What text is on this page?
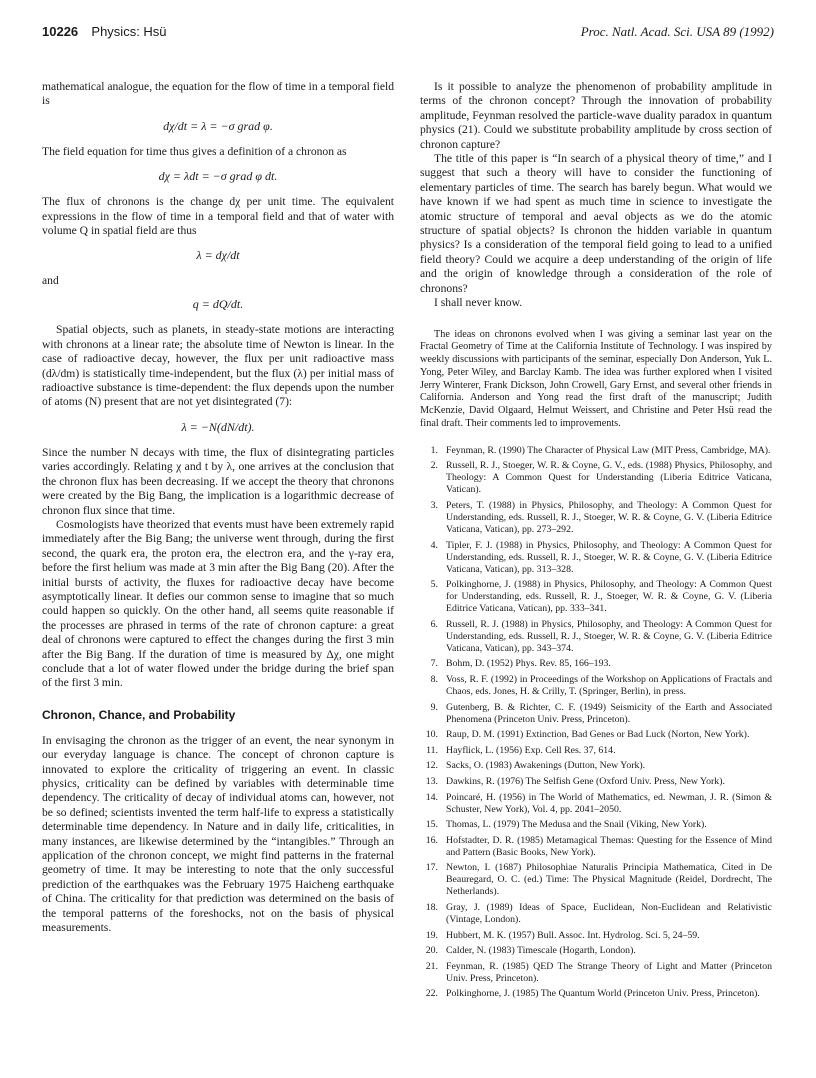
10226 Physics: Hsü	Proc. Natl. Acad. Sci. USA 89 (1992)

mathematical analogue, the equation for the flow of time in a temporal field is

dχ/dt = λ = −σ grad φ.

The field equation for time thus gives a definition of a chronon as

dχ = λdt = −σ grad φ dt.

The flux of chronons is the change dχ per unit time. The equivalent expressions in the flow of time in a temporal field and that of water with volume Q in spatial field are thus

λ = dχ/dt
and
q = dQ/dt.

Spatial objects, such as planets, in steady-state motions are interacting with chronons at a linear rate; the absolute time of Newton is linear. In the case of radioactive decay, however, the flux per unit radioactive mass (dλ/dm) is statistically time-independent, but the flux (λ) per initial mass of radioactive substance is time-dependent: the flux depends upon the number of atoms (N) present that are not yet disintegrated (7):

λ = −N(dN/dt).

Since the number N decays with time, the flux of disintegrating particles varies accordingly. Relating χ and t by λ, one arrives at the conclusion that the chronon flux has been decreasing. If we accept the theory that chronons were created by the Big Bang, the implication is a logarithmic decrease of chronon flux since that time.

Cosmologists have theorized that events must have been extremely rapid immediately after the Big Bang; the universe went through, during the first second, the quark era, the proton era, the electron era, and the γ-ray era, before the first helium was made at 3 min after the Big Bang (20). After the initial bursts of activity, the fluxes for radioactive decay have become asymptotically linear. It defies our common sense to imagine that so much could happen so quickly. On the other hand, all seems quite reasonable if the processes are phrased in terms of the rate of chronon capture: a great deal of chronons were captured to effect the changes during the first 3 min after the Big Bang. If the duration of time is measured by Δχ, one might conclude that a lot of water flowed under the bridge during the brief span of the first 3 min.

Chronon, Chance, and Probability

In envisaging the chronon as the trigger of an event, the near synonym in our everyday language is chance. The concept of chronon capture is innovated to explore the criticality of triggering an event. In classic physics, criticality can be defined by variables with determinable time dependency. The criticality of decay of individual atoms can, however, not be so defined; scientists invented the term half-life to express a statistically determinable time dependency. In Nature and in daily life, criticalities, in many instances, are likewise determined by the “intangibles.” Through an application of the chronon concept, we might find patterns in the fraternal geometry of time. It may be interesting to note that the only successful prediction of the earthquakes was the February 1975 Haicheng earthquake of China. The criticality for that prediction was determined on the basis of the temporal patterns of the foreshocks, not on the basis of physical measurements.

Is it possible to analyze the phenomenon of probability amplitude in terms of the chronon concept? Through the innovation of probability amplitude, Feynman resolved the particle-wave duality paradox in quantum physics (21). Could we substitute probability amplitude by cross section of chronon capture?

The title of this paper is “In search of a physical theory of time,” and I suggest that such a theory will have to consider the functioning of elementary particles of time. The search has barely begun. What would we have known if we had spent as much time in science to investigate the atomic structure of temporal and aeval objects as we do the atomic structure of spatial objects? Is chronon the hidden variable in quantum physics? Is a consideration of the temporal field going to lead to a unified field theory? Could we acquire a deep understanding of the origin of life and the origin of knowledge through a consideration of the role of chronons?

I shall never know.

The ideas on chronons evolved when I was giving a seminar last year on the Fractal Geometry of Time at the California Institute of Technology. I was inspired by weekly discussions with participants of the seminar, especially Don Anderson, Yuk L. Yong, Peter Wiley, and Barclay Kamb. The idea was further explored when I visited Jerry Winterer, Frank Dickson, John Crowell, Gary Ernst, and several other friends in California. Anderson and Yong read the first draft of the manuscript; Judith McKenzie, David Olgaard, Helmut Weissert, and Christine and Peter Hsü read the final draft. Their comments led to improvements.

1. Feynman, R. (1990) The Character of Physical Law (MIT Press, Cambridge, MA).
2. Russell, R. J., Stoeger, W. R. & Coyne, G. V., eds. (1988) Physics, Philosophy, and Theology: A Common Quest for Understanding (Liberia Editrice Vaticana, Vatican).
3. Peters, T. (1988) in Physics, Philosophy, and Theology: A Common Quest for Understanding, eds. Russell, R. J., Stoeger, W. R. & Coyne, G. V. (Liberia Editrice Vaticana, Vatican), pp. 273–292.
4. Tipler, F. J. (1988) in Physics, Philosophy, and Theology: A Common Quest for Understanding, eds. Russell, R. J., Stoeger, W. R. & Coyne, G. V. (Liberia Editrice Vaticana, Vatican), pp. 313–328.
5. Polkinghorne, J. (1988) in Physics, Philosophy, and Theology: A Common Quest for Understanding, eds. Russell, R. J., Stoeger, W. R. & Coyne, G. V. (Liberia Editrice Vaticana, Vatican), pp. 333–341.
6. Russell, R. J. (1988) in Physics, Philosophy, and Theology: A Common Quest for Understanding, eds. Russell, R. J., Stoeger, W. R. & Coyne, G. V. (Liberia Editrice Vaticana, Vatican), pp. 343–374.
7. Bohm, D. (1952) Phys. Rev. 85, 166–193.
8. Voss, R. F. (1992) in Proceedings of the Workshop on Applications of Fractals and Chaos, eds. Jones, H. & Crilly, T. (Springer, Berlin), in press.
9. Gutenberg, B. & Richter, C. F. (1949) Seismicity of the Earth and Associated Phenomena (Princeton Univ. Press, Princeton).
10. Raup, D. M. (1991) Extinction, Bad Genes or Bad Luck (Norton, New York).
11. Hayflick, L. (1956) Exp. Cell Res. 37, 614.
12. Sacks, O. (1983) Awakenings (Dutton, New York).
13. Dawkins, R. (1976) The Selfish Gene (Oxford Univ. Press, New York).
14. Poincaré, H. (1956) in The World of Mathematics, ed. Newman, J. R. (Simon & Schuster, New York), Vol. 4, pp. 2041–2050.
15. Thomas, L. (1979) The Medusa and the Snail (Viking, New York).
16. Hofstadter, D. R. (1985) Metamagical Themas: Questing for the Essence of Mind and Pattern (Basic Books, New York).
17. Newton, I. (1687) Philosophiae Naturalis Principia Mathematica, Cited in De Beauregard, O. C. (ed.) Time: The Physical Magnitude (Reidel, Dordrecht, The Netherlands).
18. Gray, J. (1989) Ideas of Space, Euclidean, Non-Euclidean and Relativistic (Vintage, London).
19. Hubbert, M. K. (1957) Bull. Assoc. Int. Hydrolog. Sci. 5, 24–59.
20. Calder, N. (1983) Timescale (Hogarth, London).
21. Feynman, R. (1985) QED The Strange Theory of Light and Matter (Princeton Univ. Press, Princeton).
22. Polkinghorne, J. (1985) The Quantum World (Princeton Univ. Press, Princeton).
